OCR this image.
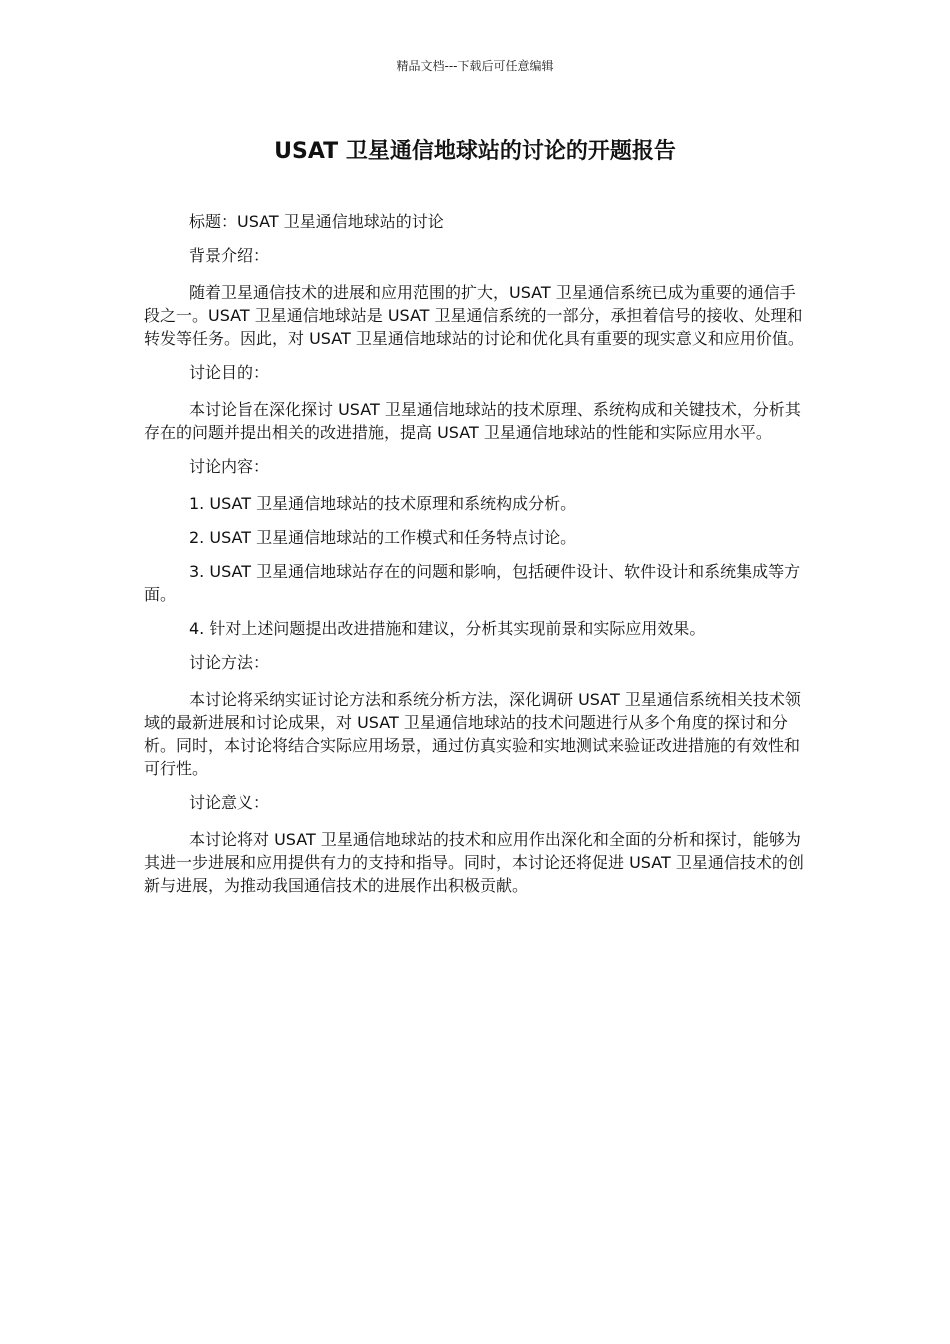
精品文档---下载后可任意编辑
USAT 卫星通信地球站的讨论的开题报告

标题：USAT 卫星通信地球站的讨论

背景介绍：

随着卫星通信技术的进展和应用范围的扩大，USAT 卫星通信系统已成为重要的通信手段之一。USAT 卫星通信地球站是 USAT 卫星通信系统的一部分，承担着信号的接收、处理和转发等任务。因此，对 USAT 卫星通信地球站的讨论和优化具有重要的现实意义和应用价值。

讨论目的：

本讨论旨在深化探讨 USAT 卫星通信地球站的技术原理、系统构成和关键技术，分析其存在的问题并提出相关的改进措施，提高 USAT 卫星通信地球站的性能和实际应用水平。

讨论内容：

1. USAT 卫星通信地球站的技术原理和系统构成分析。

2. USAT 卫星通信地球站的工作模式和任务特点讨论。

3. USAT 卫星通信地球站存在的问题和影响，包括硬件设计、软件设计和系统集成等方面。

4. 针对上述问题提出改进措施和建议，分析其实现前景和实际应用效果。

讨论方法：

本讨论将采纳实证讨论方法和系统分析方法，深化调研 USAT 卫星通信系统相关技术领域的最新进展和讨论成果，对 USAT 卫星通信地球站的技术问题进行从多个角度的探讨和分析。同时，本讨论将结合实际应用场景，通过仿真实验和实地测试来验证改进措施的有效性和可行性。

讨论意义：

本讨论将对 USAT 卫星通信地球站的技术和应用作出深化和全面的分析和探讨，能够为其进一步进展和应用提供有力的支持和指导。同时，本讨论还将促进 USAT 卫星通信技术的创新与进展，为推动我国通信技术的进展作出积极贡献。
